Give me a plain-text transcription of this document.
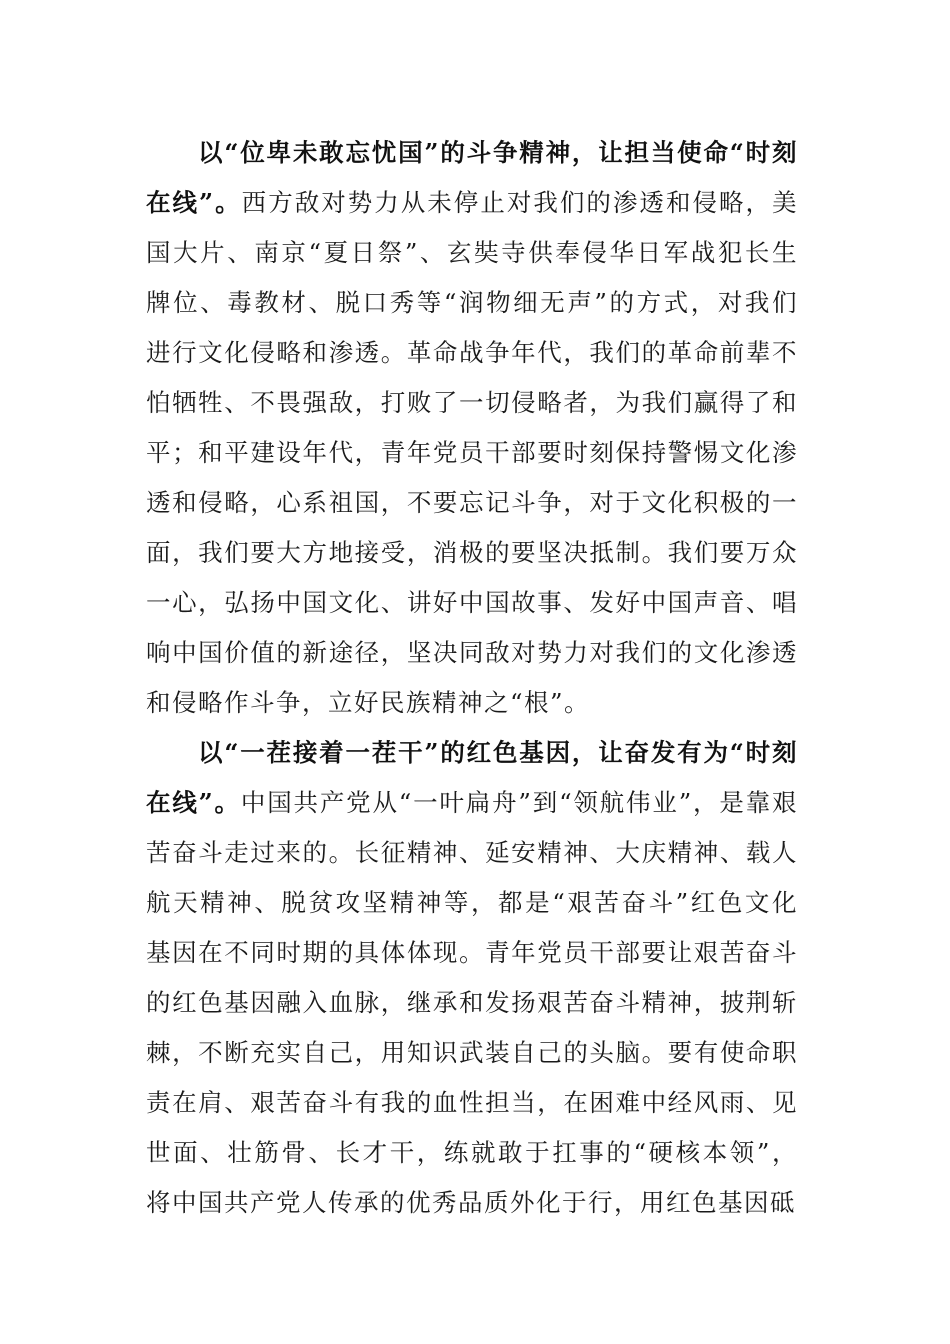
以“位卑未敢忘忧国”的斗争精神，让担当使命“时刻在线”。西方敌对势力从未停止对我们的渗透和侵略，美国大片、南京“夏日祭”、玄奘寺供奉侵华日军战犯长生牌位、毒教材、脱口秀等“润物细无声”的方式，对我们进行文化侵略和渗透。革命战争年代，我们的革命前辈不怕牺牲、不畏强敌，打败了一切侵略者，为我们赢得了和平；和平建设年代，青年党员干部要时刻保持警惕文化渗透和侵略，心系祖国，不要忘记斗争，对于文化积极的一面，我们要大方地接受，消极的要坚决抵制。我们要万众一心，弘扬中国文化、讲好中国故事、发好中国声音、唱响中国价值的新途径，坚决同敌对势力对我们的文化渗透和侵略作斗争，立好民族精神之“根”。

以“一茬接着一茬干”的红色基因，让奋发有为“时刻在线”。中国共产党从“一叶扁舟”到“领航伟业”，是靠艰苦奋斗走过来的。长征精神、延安精神、大庆精神、载人航天精神、脱贫攻坚精神等，都是“艰苦奋斗”红色文化基因在不同时期的具体体现。青年党员干部要让艰苦奋斗的红色基因融入血脉，继承和发扬艰苦奋斗精神，披荆斩棘，不断充实自己，用知识武装自己的头脑。要有使命职责在肩、艰苦奋斗有我的血性担当，在困难中经风雨、见世面、壮筋骨、长才干，练就敢于扛事的“硬核本领”，将中国共产党人传承的优秀品质外化于行，用红色基因砥
